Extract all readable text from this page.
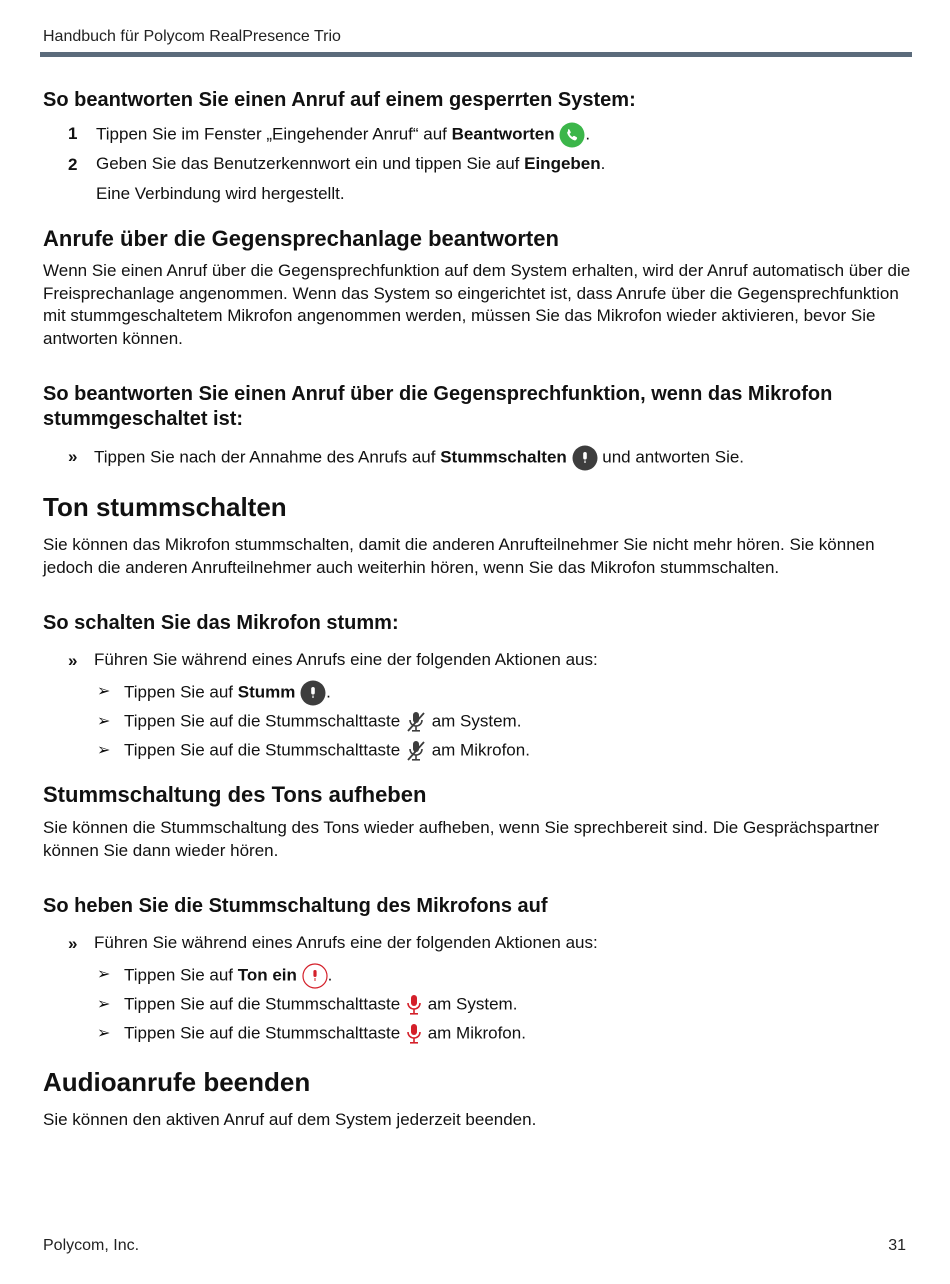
Handbuch für Polycom RealPresence Trio
So beantworten Sie einen Anruf auf einem gesperrten System:
1 Tippen Sie im Fenster „Eingehender Anruf“ auf Beantworten .
2 Geben Sie das Benutzerkennwort ein und tippen Sie auf Eingeben.
Eine Verbindung wird hergestellt.
Anrufe über die Gegensprechanlage beantworten
Wenn Sie einen Anruf über die Gegensprechfunktion auf dem System erhalten, wird der Anruf automatisch über die Freisprechanlage angenommen. Wenn das System so eingerichtet ist, dass Anrufe über die Gegensprechfunktion mit stummgeschaltetem Mikrofon angenommen werden, müssen Sie das Mikrofon wieder aktivieren, bevor Sie antworten können.
So beantworten Sie einen Anruf über die Gegensprechfunktion, wenn das Mikrofon
stummgeschaltet ist:
» Tippen Sie nach der Annahme des Anrufs auf Stummschalten
und antworten Sie.
Ton stummschalten
Sie können das Mikrofon stummschalten, damit die anderen Anrufteilnehmer Sie nicht mehr hören. Sie können jedoch die anderen Anrufteilnehmer auch weiterhin hören, wenn Sie das Mikrofon stummschalten.
So schalten Sie das Mikrofon stumm:
» Führen Sie während eines Anrufs eine der folgenden Aktionen aus:
➢ Tippen Sie auf Stumm .
➢ Tippen Sie auf die Stummschalttaste
am System.
➢ Tippen Sie auf die Stummschalttaste
am Mikrofon.
Stummschaltung des Tons aufheben
Sie können die Stummschaltung des Tons wieder aufheben, wenn Sie sprechbereit sind. Die Gesprächspartner können Sie dann wieder hören.
So heben Sie die Stummschaltung des Mikrofons auf
» Führen Sie während eines Anrufs eine der folgenden Aktionen aus:
➢ Tippen Sie auf Ton ein .
➢ Tippen Sie auf die Stummschalttaste
am System.
➢ Tippen Sie auf die Stummschalttaste
am Mikrofon.
Audioanrufe beenden
Sie können den aktiven Anruf auf dem System jederzeit beenden.
Polycom, Inc.	31
